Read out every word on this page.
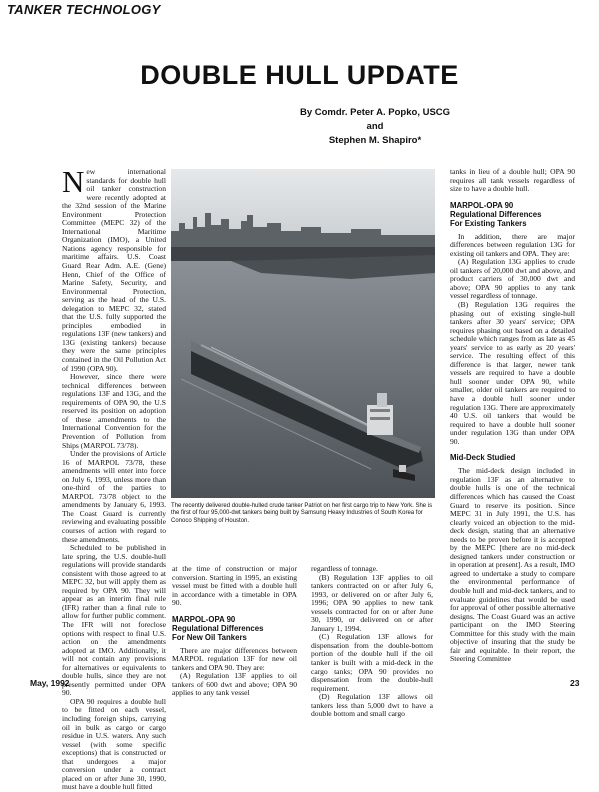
TANKER TECHNOLOGY
DOUBLE HULL UPDATE
By Comdr. Peter A. Popko, USCG
and
Stephen M. Shapiro*

New international standards for double hull oil tanker construction were recently adopted at the 32nd session of the Marine Environment Protection Committee (MEPC 32) of the International Maritime Organization (IMO), a United Nations agency responsible for maritime affairs. U.S. Coast Guard Rear Adm. A.E. (Gene) Henn, Chief of the Office of Marine Safety, Security, and Environmental Protection, serving as the head of the U.S. delegation to MEPC 32, stated that the U.S. fully supported the principles embodied in regulations 13F (new tankers) and 13G (existing tankers) because they were the same principles contained in the Oil Pollution Act of 1990 (OPA 90).

However, since there were technical differences between regulations 13F and 13G, and the requirements of OPA 90, the U.S reserved its position on adoption of these amendments to the International Convention for the Prevention of Pollution from Ships (MARPOL 73/78).

Under the provisions of Article 16 of MARPOL 73/78, these amendments will enter into force on July 6, 1993, unless more than one-third of the parties to MARPOL 73/78 object to the amendments by January 6, 1993. The Coast Guard is currently reviewing and evaluating possible courses of action with regard to these amendments.

Scheduled to be published in late spring, the U.S. double-hull regulations will provide standards consistent with those agreed to at MEPC 32, but will apply them as required by OPA 90. They will appear as an interim final rule (IFR) rather than a final rule to allow for further public comment. The IFR will not foreclose options with respect to final U.S. action on the amendments adopted at IMO. Additionally, it will not contain any provisions for alternatives or equivalents to double hulls, since they are not presently permitted under OPA 90.

OPA 90 requires a double hull to be fitted on each vessel, including foreign ships, carrying oil in bulk as cargo or cargo residue in U.S. waters. Any such vessel (with some specific exceptions) that is constructed or that undergoes a major conversion under a contract placed on or after June 30, 1990, must have a double hull fitted

The recently delivered double-hulled crude tanker Patriot on her first cargo trip to New York. She is the first of four 95,000-dwt tankers being built by Samsung Heavy Industries of South Korea for Conoco Shipping of Houston.

at the time of construction or major conversion. Starting in 1995, an existing vessel must be fitted with a double hull in accordance with a timetable in OPA 90.

MARPOL-OPA 90
Regulational Differences
For New Oil Tankers

There are major differences between MARPOL regulation 13F for new oil tankers and OPA 90. They are:

(A) Regulation 13F applies to oil tankers of 600 dwt and above; OPA 90 applies to any tank vessel

regardless of tonnage.

(B) Regulation 13F applies to oil tankers contracted on or after July 6, 1993, or delivered on or after July 6, 1996; OPA 90 applies to new tank vessels contracted for on or after June 30, 1990, or delivered on or after January 1, 1994.

(C) Regulation 13F allows for dispensation from the double-bottom portion of the double hull if the oil tanker is built with a mid-deck in the cargo tanks; OPA 90 provides no dispensation from the double-hull requirement.

(D) Regulation 13F allows oil tankers less than 5,000 dwt to have a double bottom and small cargo

tanks in lieu of a double hull; OPA 90 requires all tank vessels regardless of size to have a double hull.

MARPOL-OPA 90
Regulational Differences
For Existing Tankers

In addition, there are major differences between regulation 13G for existing oil tankers and OPA. They are:

(A) Regulation 13G applies to crude oil tankers of 20,000 dwt and above, and product carriers of 30,000 dwt and above; OPA 90 applies to any tank vessel regardless of tonnage.

(B) Regulation 13G requires the phasing out of existing single-hull tankers after 30 years' service; OPA requires phasing out based on a detailed schedule which ranges from as late as 45 years' service to as early as 20 years' service. The resulting effect of this difference is that larger, newer tank vessels are required to have a double hull sooner under OPA 90, while smaller, older oil tankers are required to have a double hull sooner under regulation 13G. There are approximately 40 U.S. oil tankers that would be required to have a double hull sooner under regulation 13G than under OPA 90.

Mid-Deck Studied

The mid-deck design included in regulation 13F as an alternative to double hulls is one of the technical differences which has caused the Coast Guard to reserve its position. Since MEPC 31 in July 1991, the U.S. has clearly voiced an objection to the mid-deck design, stating that an alternative needs to be proven before it is accepted by the MEPC [there are no mid-deck designed tankers under construction or in operation at present]. As a result, IMO agreed to undertake a study to compare the environmental performance of double hull and mid-deck tankers, and to evaluate guidelines that would be used for approval of other possible alternative designs. The Coast Guard was an active participant on the IMO Steering Committee for this study with the main objective of insuring that the study be fair and equitable. In their report, the Steering Committee

May, 1992	23
